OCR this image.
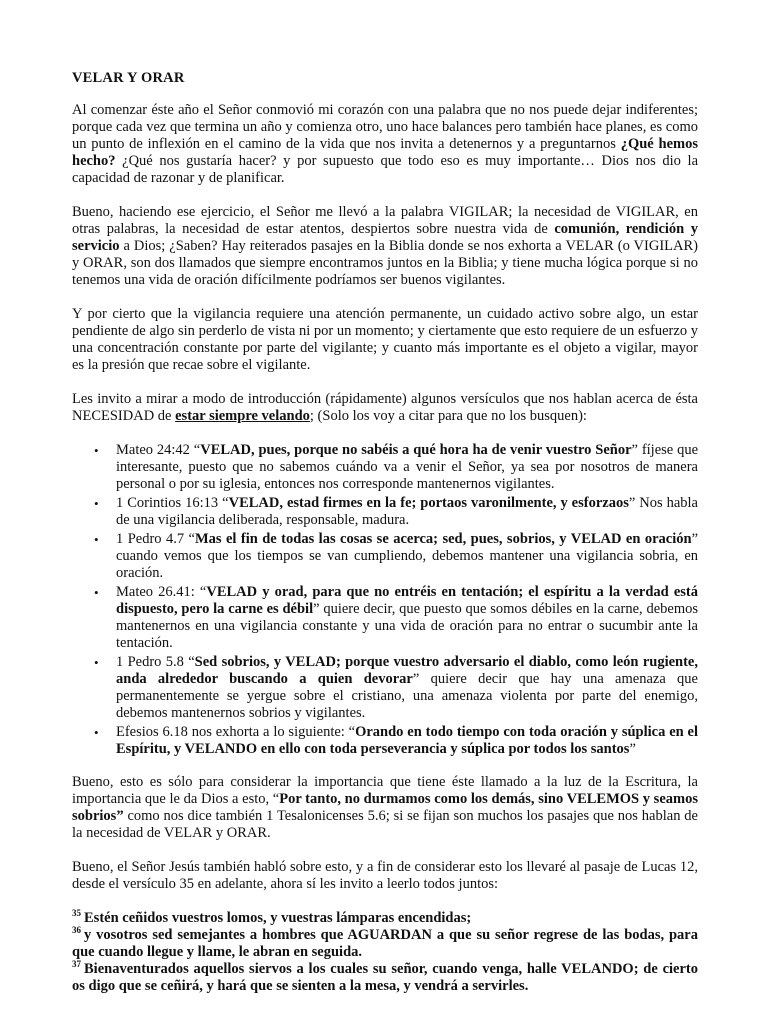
VELAR Y ORAR

Al comenzar éste año el Señor conmovió mi corazón con una palabra que no nos puede dejar indiferentes; porque cada vez que termina un año y comienza otro, uno hace balances pero también hace planes, es como un punto de inflexión en el camino de la vida que nos invita a detenernos y a preguntarnos ¿Qué hemos hecho? ¿Qué nos gustaría hacer? y por supuesto que todo eso es muy importante… Dios nos dio la capacidad de razonar y de planificar.

Bueno, haciendo ese ejercicio, el Señor me llevó a la palabra VIGILAR; la necesidad de VIGILAR, en otras palabras, la necesidad de estar atentos, despiertos sobre nuestra vida de comunión, rendición y servicio a Dios; ¿Saben? Hay reiterados pasajes en la Biblia donde se nos exhorta a VELAR (o VIGILAR) y ORAR, son dos llamados que siempre encontramos juntos en la Biblia; y tiene mucha lógica porque si no tenemos una vida de oración difícilmente podríamos ser buenos vigilantes.

Y por cierto que la vigilancia requiere una atención permanente, un cuidado activo sobre algo, un estar pendiente de algo sin perderlo de vista ni por un momento; y ciertamente que esto requiere de un esfuerzo y una concentración constante por parte del vigilante; y cuanto más importante es el objeto a vigilar, mayor es la presión que recae sobre el vigilante.

Les invito a mirar a modo de introducción (rápidamente) algunos versículos que nos hablan acerca de ésta NECESIDAD de estar siempre velando; (Solo los voy a citar para que no los busquen):

• Mateo 24:42 “VELAD, pues, porque no sabéis a qué hora ha de venir vuestro Señor” fíjese que interesante, puesto que no sabemos cuándo va a venir el Señor, ya sea por nosotros de manera personal o por su iglesia, entonces nos corresponde mantenernos vigilantes.
• 1 Corintios 16:13 “VELAD, estad firmes en la fe; portaos varonilmente, y esforzaos” Nos habla de una vigilancia deliberada, responsable, madura.
• 1 Pedro 4.7 “Mas el fin de todas las cosas se acerca; sed, pues, sobrios, y VELAD en oración” cuando vemos que los tiempos se van cumpliendo, debemos mantener una vigilancia sobria, en oración.
• Mateo 26.41: “VELAD y orad, para que no entréis en tentación; el espíritu a la verdad está dispuesto, pero la carne es débil” quiere decir, que puesto que somos débiles en la carne, debemos mantenernos en una vigilancia constante y una vida de oración para no entrar o sucumbir ante la tentación.
• 1 Pedro 5.8 “Sed sobrios, y VELAD; porque vuestro adversario el diablo, como león rugiente, anda alrededor buscando a quien devorar” quiere decir que hay una amenaza que permanentemente se yergue sobre el cristiano, una amenaza violenta por parte del enemigo, debemos mantenernos sobrios y vigilantes.
• Efesios 6.18 nos exhorta a lo siguiente: “Orando en todo tiempo con toda oración y súplica en el Espíritu, y VELANDO en ello con toda perseverancia y súplica por todos los santos”

Bueno, esto es sólo para considerar la importancia que tiene éste llamado a la luz de la Escritura, la importancia que le da Dios a esto, “Por tanto, no durmamos como los demás, sino VELEMOS y seamos sobrios” como nos dice también 1 Tesalonicenses 5.6; si se fijan son muchos los pasajes que nos hablan de la necesidad de VELAR y ORAR.

Bueno, el Señor Jesús también habló sobre esto, y a fin de considerar esto los llevaré al pasaje de Lucas 12, desde el versículo 35 en adelante, ahora sí les invito a leerlo todos juntos:

$^{35}$ Estén ceñidos vuestros lomos, y vuestras lámparas encendidas;
$^{36}$ y vosotros sed semejantes a hombres que AGUARDAN a que su señor regrese de las bodas, para que cuando llegue y llame, le abran en seguida.
$^{37}$ Bienaventurados aquellos siervos a los cuales su señor, cuando venga, halle VELANDO; de cierto os digo que se ceñirá, y hará que se sienten a la mesa, y vendrá a servirles.
